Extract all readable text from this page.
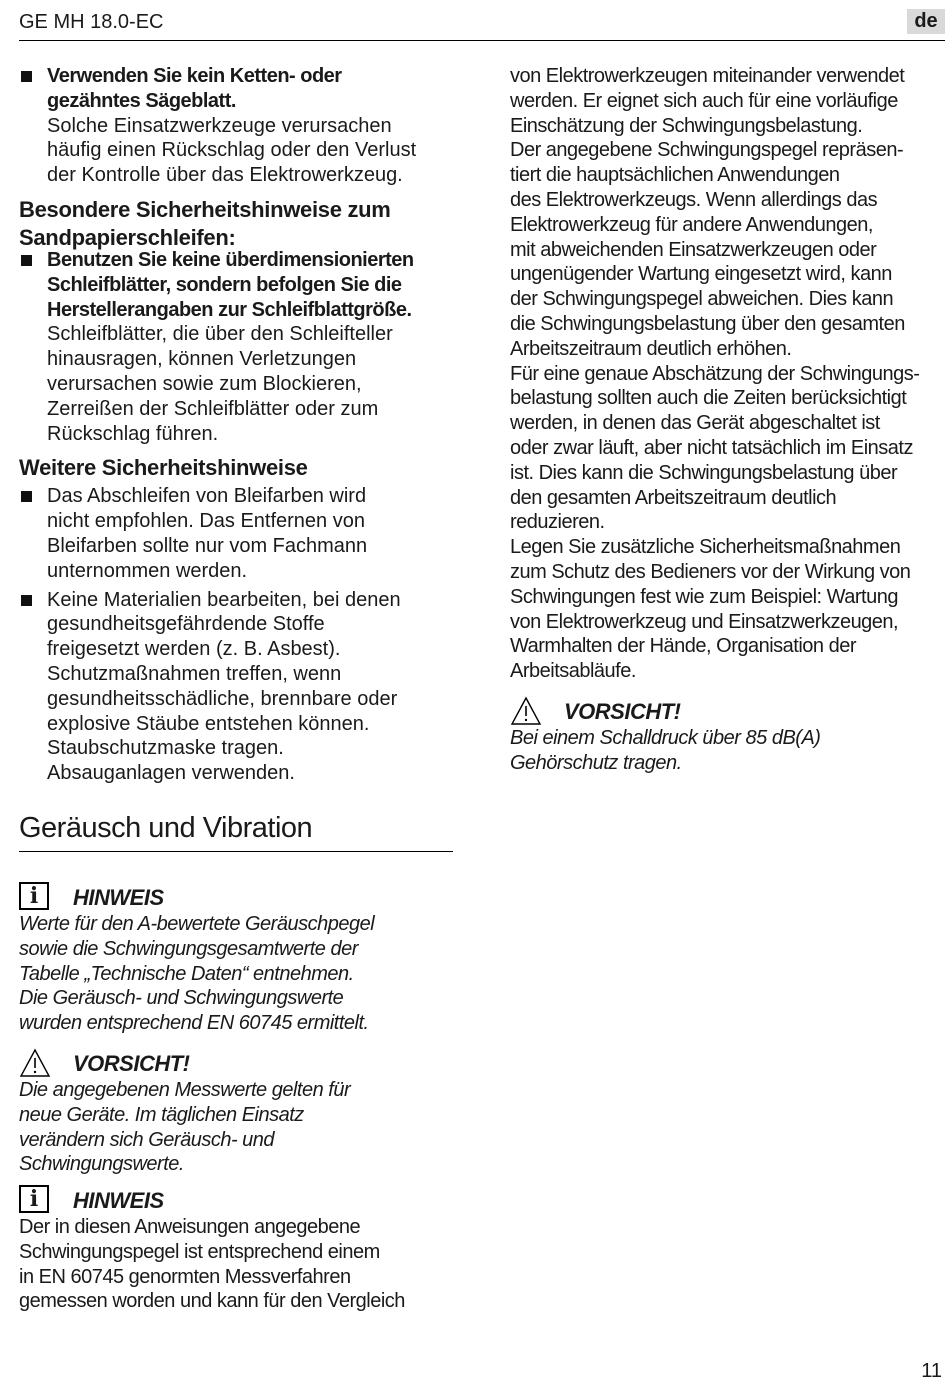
GE MH 18.0-EC	de
Verwenden Sie kein Ketten- oder
gezähntes Sägeblatt.
Solche Einsatzwerkzeuge verursachen
häufig einen Rückschlag oder den Verlust
der Kontrolle über das Elektrowerkzeug.
Besondere Sicherheitshinweise zum
Sandpapierschleifen:
Benutzen Sie keine überdimensionierten
Schleifblätter, sondern befolgen Sie die
Herstellerangaben zur Schleifblattgröße.
Schleifblätter, die über den Schleifteller
hinausragen, können Verletzungen
verursachen sowie zum Blockieren,
Zerreißen der Schleifblätter oder zum
Rückschlag führen.
Weitere Sicherheitshinweise
Das Abschleifen von Bleifarben wird
nicht empfohlen. Das Entfernen von
Bleifarben sollte nur vom Fachmann
unternommen werden.
Keine Materialien bearbeiten, bei denen
gesundheitsgefährdende Stoffe
freigesetzt werden (z. B. Asbest).
Schutzmaßnahmen treffen, wenn
gesundheitsschädliche, brennbare oder
explosive Stäube entstehen können.
Staubschutzmaske tragen.
Absauganlagen verwenden.
Geräusch und Vibration
i	HINWEIS
Werte für den A-bewertete Geräuschpegel
sowie die Schwingungsgesamtwerte der
Tabelle „Technische Daten“ entnehmen.
Die Geräusch- und Schwingungswerte
wurden entsprechend EN 60745 ermittelt.
VORSICHT!
Die angegebenen Messwerte gelten für
neue Geräte. Im täglichen Einsatz
verändern sich Geräusch- und
Schwingungswerte.
i	HINWEIS
Der in diesen Anweisungen angegebene
Schwingungspegel ist entsprechend einem
in EN 60745 genormten Messverfahren
gemessen worden und kann für den Vergleich
von Elektrowerkzeugen miteinander verwendet
werden. Er eignet sich auch für eine vorläufige
Einschätzung der Schwingungsbelastung.
Der angegebene Schwingungspegel repräsen-
tiert die hauptsächlichen Anwendungen
des Elektrowerkzeugs. Wenn allerdings das
Elektrowerkzeug für andere Anwendungen,
mit abweichenden Einsatzwerkzeugen oder
ungenügender Wartung eingesetzt wird, kann
der Schwingungspegel abweichen. Dies kann
die Schwingungsbelastung über den gesamten
Arbeitszeitraum deutlich erhöhen.
Für eine genaue Abschätzung der Schwingungs-
belastung sollten auch die Zeiten berücksichtigt
werden, in denen das Gerät abgeschaltet ist
oder zwar läuft, aber nicht tatsächlich im Einsatz
ist. Dies kann die Schwingungsbelastung über
den gesamten Arbeitszeitraum deutlich
reduzieren.
Legen Sie zusätzliche Sicherheitsmaßnahmen
zum Schutz des Bedieners vor der Wirkung von
Schwingungen fest wie zum Beispiel: Wartung
von Elektrowerkzeug und Einsatzwerkzeugen,
Warmhalten der Hände, Organisation der
Arbeitsabläufe.
VORSICHT!
Bei einem Schalldruck über 85 dB(A)
Gehörschutz tragen.
11
